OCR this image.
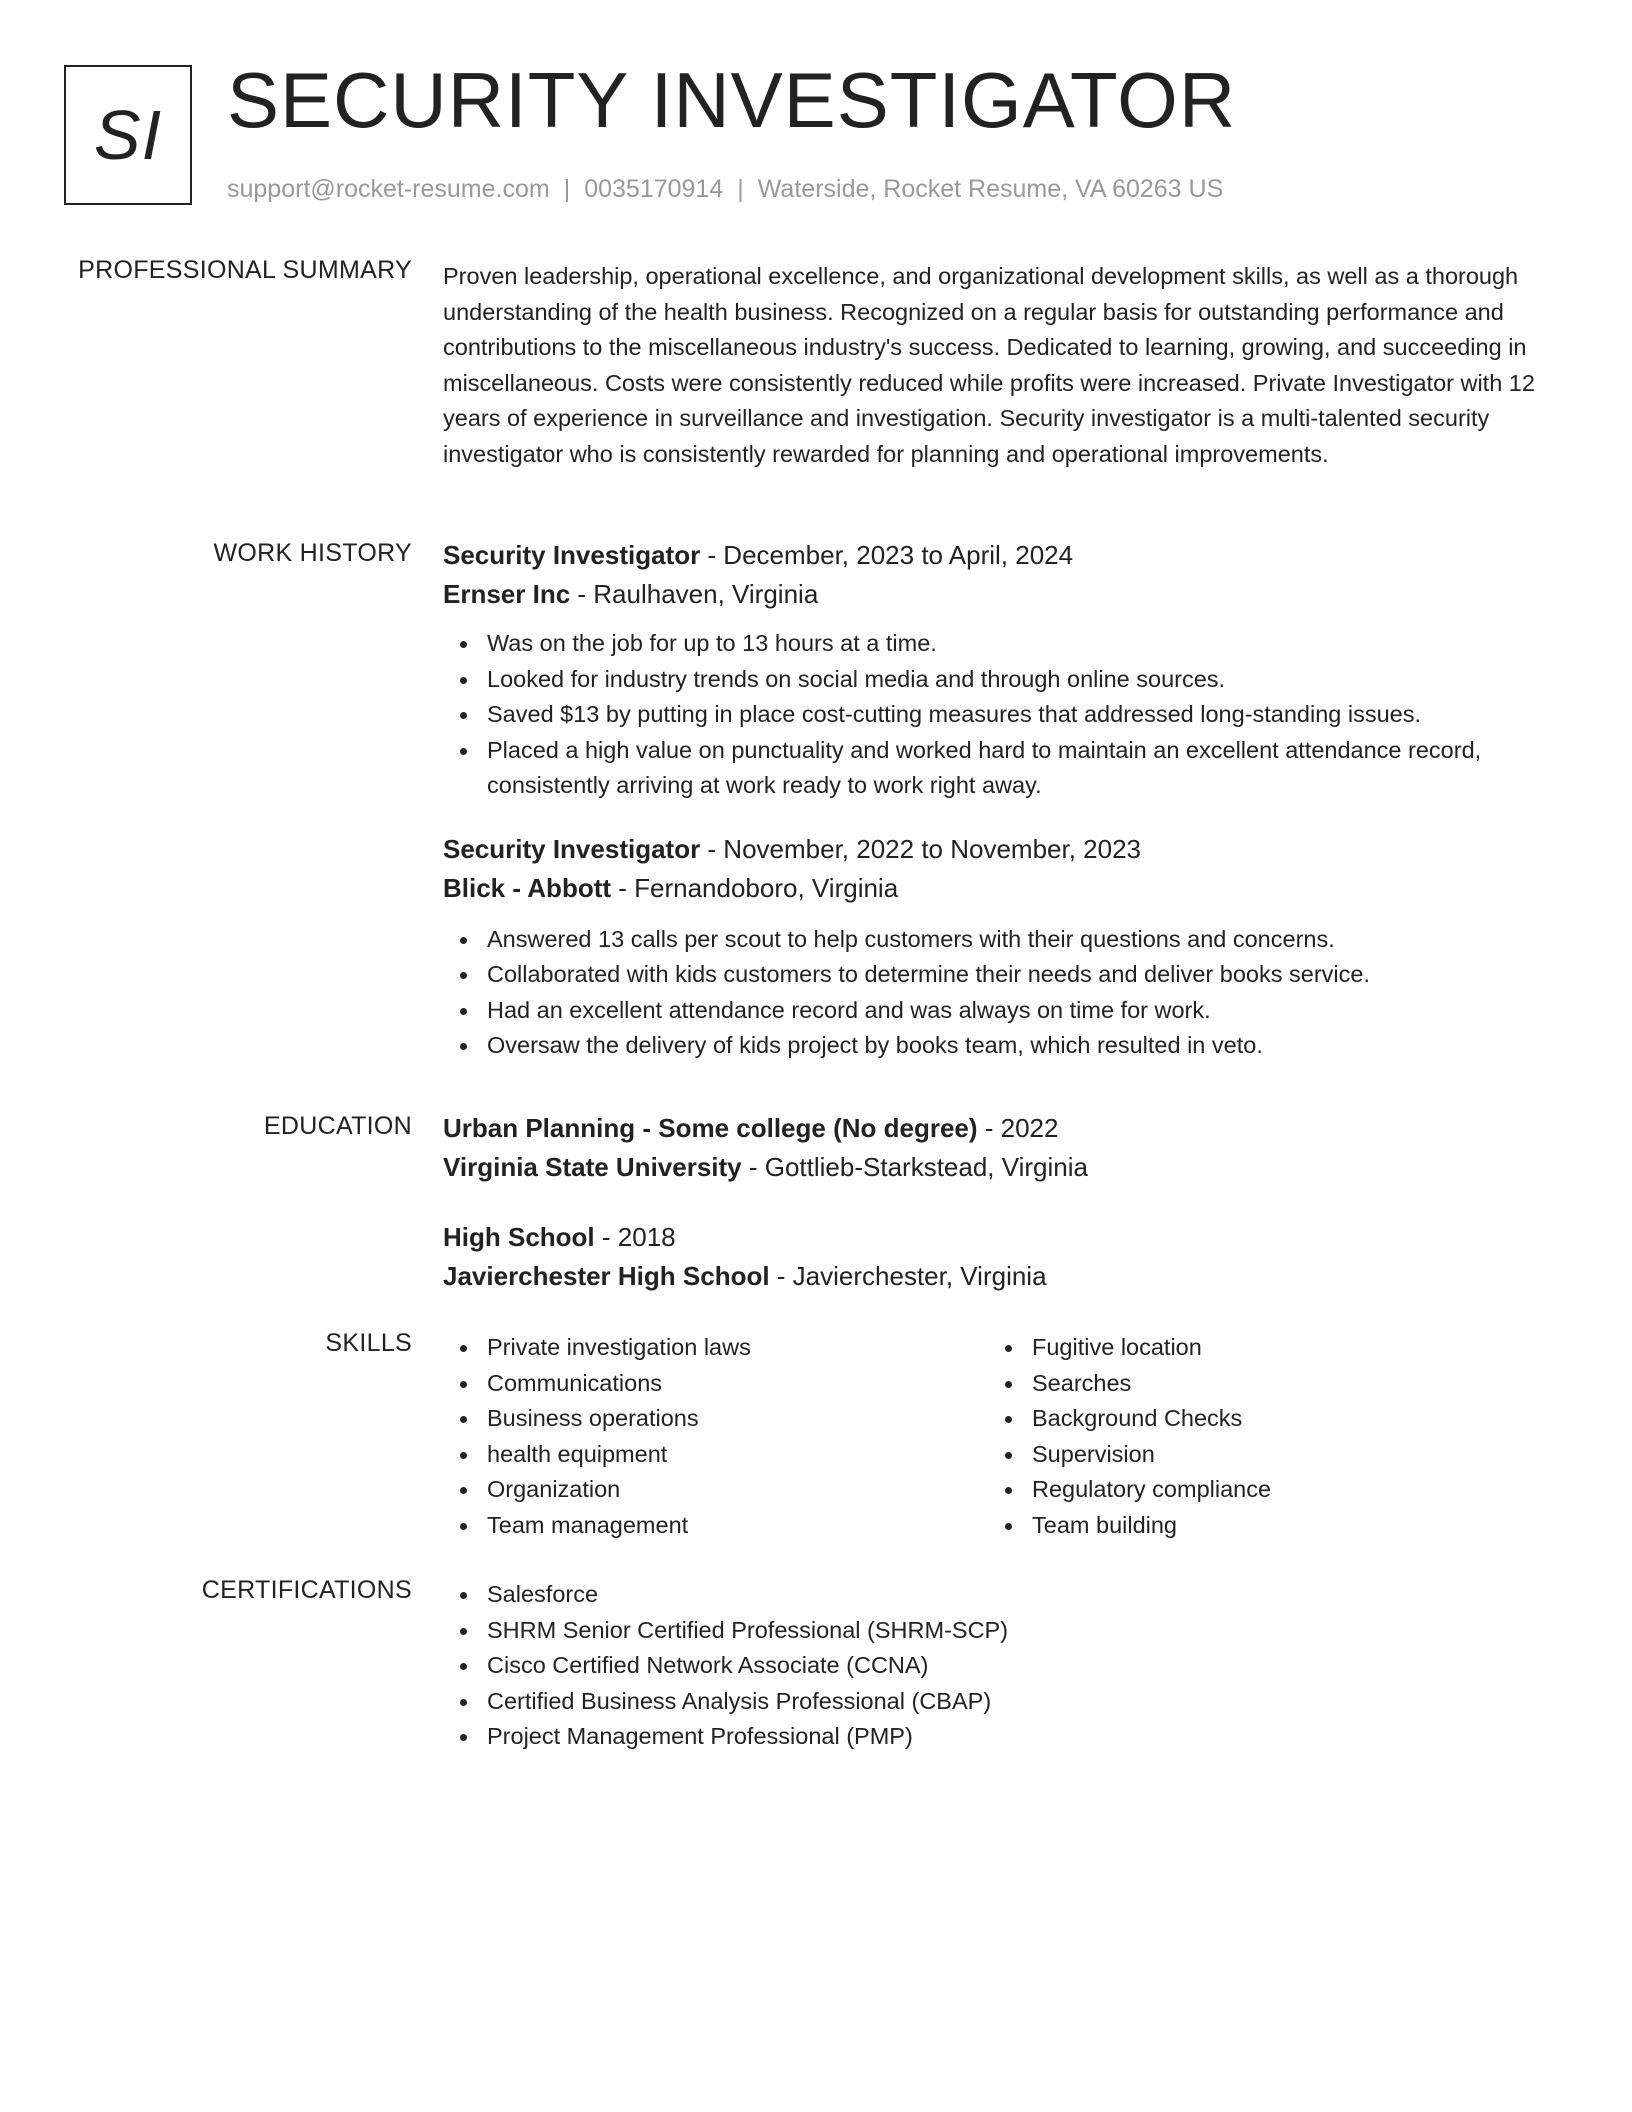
SI SECURITY INVESTIGATOR
support@rocket-resume.com | 0035170914 | Waterside, Rocket Resume, VA 60263 US
PROFESSIONAL SUMMARY Proven leadership, operational excellence, and organizational development skills, as well as a thorough understanding of the health business. Recognized on a regular basis for outstanding performance and contributions to the miscellaneous industry's success. Dedicated to learning, growing, and succeeding in miscellaneous. Costs were consistently reduced while profits were increased. Private Investigator with 12 years of experience in surveillance and investigation. Security investigator is a multi-talented security investigator who is consistently rewarded for planning and operational improvements.

WORK HISTORY Security Investigator - December, 2023 to April, 2024
Ernser Inc - Raulhaven, Virginia
Was on the job for up to 13 hours at a time.
Looked for industry trends on social media and through online sources.
Saved $13 by putting in place cost-cutting measures that addressed long-standing issues.
Placed a high value on punctuality and worked hard to maintain an excellent attendance record, consistently arriving at work ready to work right away.
Security Investigator - November, 2022 to November, 2023
Blick - Abbott - Fernandoboro, Virginia
Answered 13 calls per scout to help customers with their questions and concerns.
Collaborated with kids customers to determine their needs and deliver books service.
Had an excellent attendance record and was always on time for work.
Oversaw the delivery of kids project by books team, which resulted in veto.
EDUCATION Urban Planning - Some college (No degree) - 2022
Virginia State University - Gottlieb-Starkstead, Virginia
High School - 2018
Javierchester High School - Javierchester, Virginia
SKILLS	Private investigation laws
Communications
Business operations
health equipment
Organization
Team management
Fugitive location
Searches
Background Checks
Supervision
Regulatory compliance
Team building
CERTIFICATIONS	Salesforce
SHRM Senior Certified Professional (SHRM-SCP)
Cisco Certified Network Associate (CCNA)
Certified Business Analysis Professional (CBAP)
Project Management Professional (PMP)
